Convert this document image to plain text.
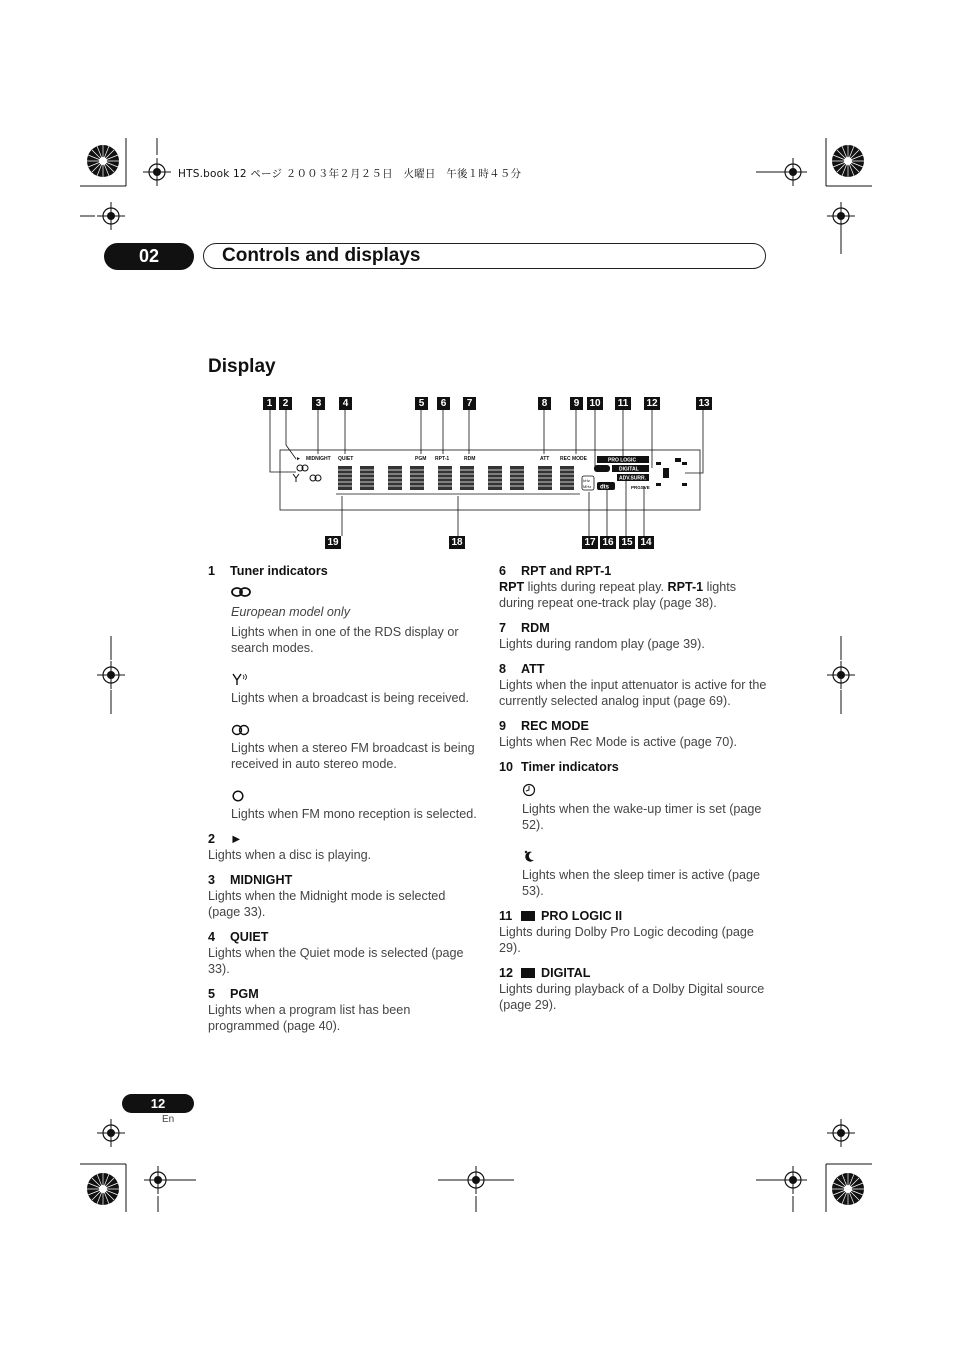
HTS.book 12 ページ ２００３年２月２５日　火曜日　午後１時４５分
02	Controls and displays
Display
1	2	3	4	5	6	7	8	9	10 11 12	13
19	18	17 16 15 14
► MIDNIGHT QUIET	PGM RPT-1	RDM	ATT REC MODE	PRO LOGIC
DIGITAL
ADV.SURR.
PRGSVE
kHz
MHz dts

1 Tuner indicators

European model only

Lights when in one of the RDS display or search modes.

Lights when a broadcast is being received.

Lights when a stereo FM broadcast is being received in auto stereo mode.

Lights when FM mono reception is selected.

2 ►

Lights when a disc is playing.

3 MIDNIGHT

Lights when the Midnight mode is selected (page 33).

4 QUIET

Lights when the Quiet mode is selected (page 33).

5 PGM

Lights when a program list has been programmed (page 40).

6 RPT and RPT-1

RPT lights during repeat play. RPT-1 lights during repeat one-track play (page 38).

7 RDM

Lights during random play (page 39).

8 ATT

Lights when the input attenuator is active for the currently selected analog input (page 69).

9 REC MODE

Lights when Rec Mode is active (page 70).

10 Timer indicators

Lights when the wake-up timer is set (page 52).

Lights when the sleep timer is active (page 53).

11 PRO LOGIC II

Lights during Dolby Pro Logic decoding (page 29).

12 DIGITAL

Lights during playback of a Dolby Digital source (page 29).

12
En
